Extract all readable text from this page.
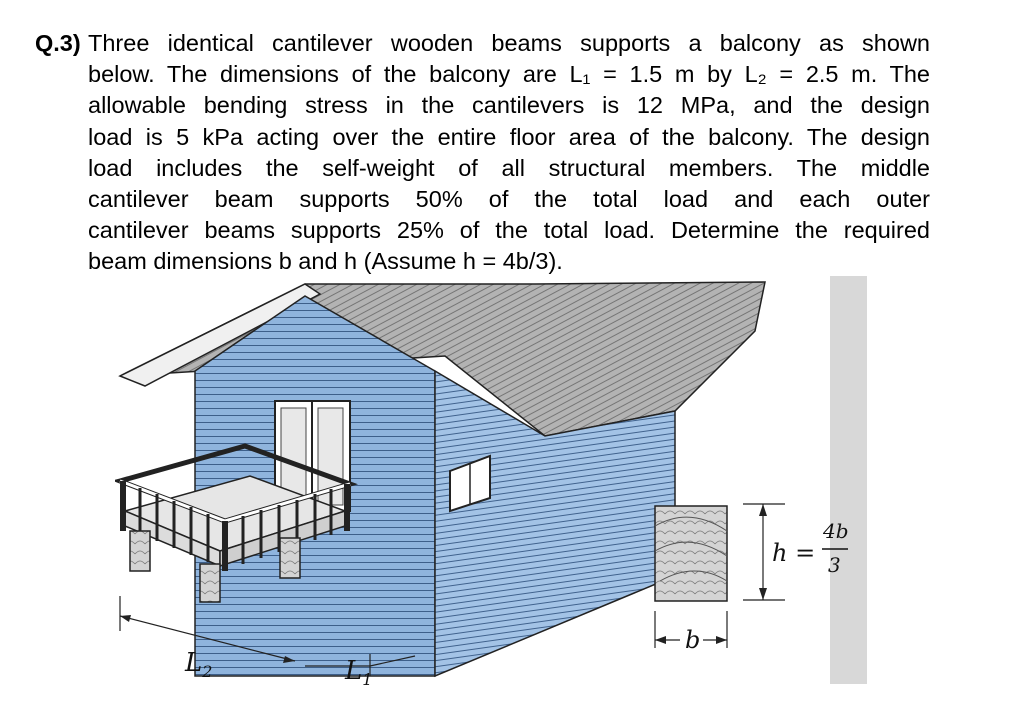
Q.3) Three identical cantilever wooden beams supports a balcony as shown
below. The dimensions of the balcony are L₁ = 1.5 m by L₂ = 2.5 m. The
allowable bending stress in the cantilevers is 12 MPa, and the design
load is 5 kPa acting over the entire floor area of the balcony. The design
load includes the self-weight of all structural members. The middle
cantilever beam supports 50% of the total load and each outer
cantilever beams supports 25% of the total load. Determine the required
beam dimensions b and h (Assume h = 4b/3).
$L_2$	$L_1$
h =
4b
3
b
